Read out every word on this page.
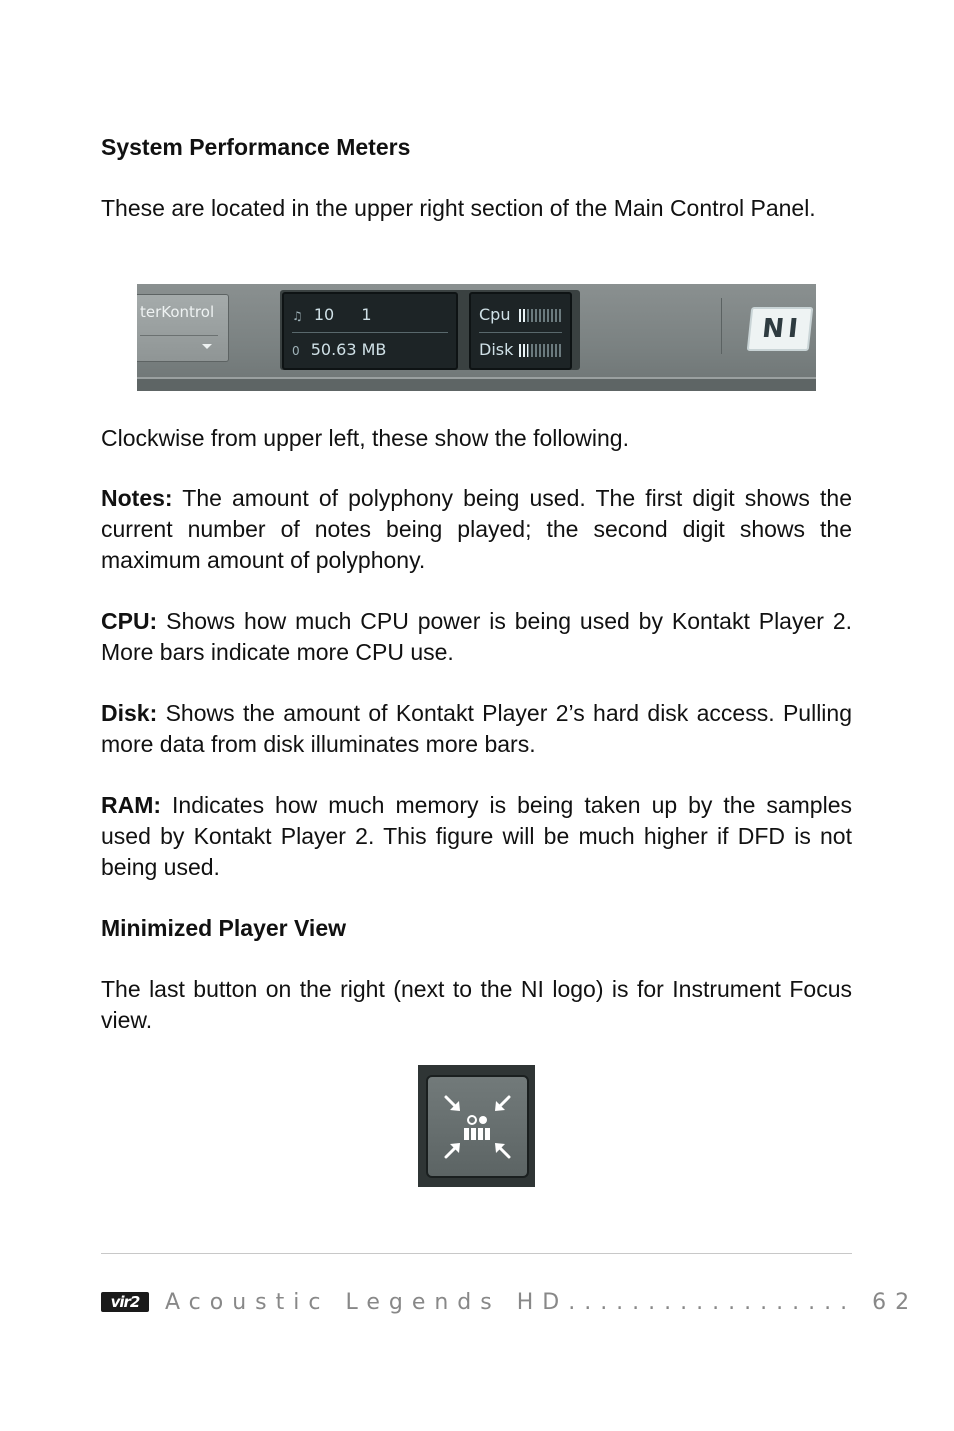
System Performance Meters

These are located in the upper right section of the Main Control Panel.

Clockwise from upper left, these show the following.

Notes: The amount of polyphony being used. The first digit shows the current number of notes being played; the second digit shows the maximum amount of polyphony.

CPU: Shows how much CPU power is being used by Kontakt Player 2. More bars indicate more CPU use.

Disk: Shows the amount of Kontakt Player 2’s hard disk access. Pulling more data from disk illuminates more bars.

RAM: Indicates how much memory is being taken up by the samples used by Kontakt Player 2. This figure will be much higher if DFD is not being used.

Minimized Player View

The last button on the right (next to the NI logo) is for Instrument Focus view.

terKontrol	♫ 10 1
0 50.63 MB
Cpu
Disk
N I
vir2	Acoustic Legends HD.................. 62
